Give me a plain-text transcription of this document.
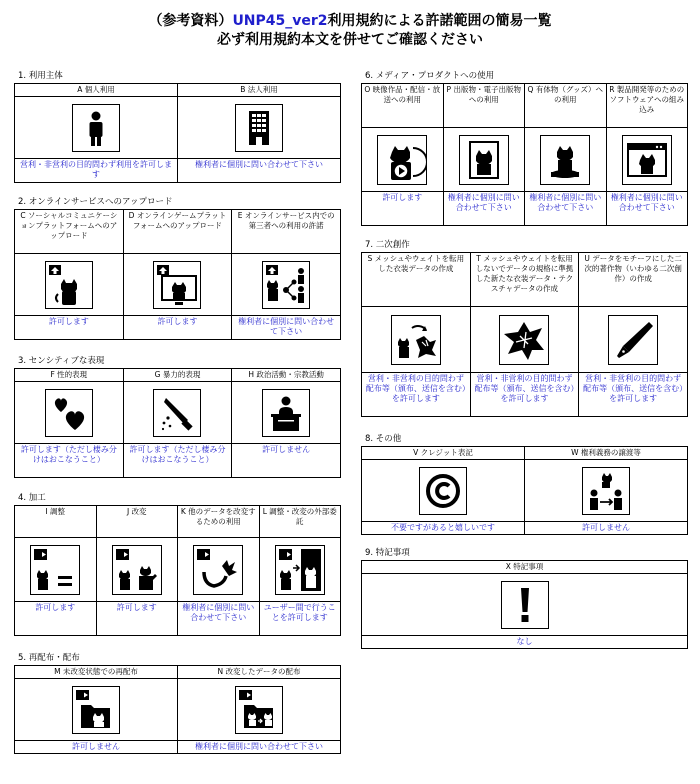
（参考資料）UNP45_ver2利用規約による許諾範囲の簡易一覧
必ず利用規約本文を併せてご確認ください
1. 利用主体
A 個人利用	B 法人利用

営利・非営利の目的問わず利用を許可します	権利者に個別に問い合わせて下さい
2. オンラインサービスへのアップロード
C ソーシャルコミュニケーションプラットフォームへのアップロード	D オンラインゲームプラットフォームへのアップロード	E オンラインサービス内での第三者への利用の許諾

許可します	許可します	権利者に個別に問い合わせて下さい
3. センシティブな表現
F 性的表現	G 暴力的表現	H 政治活動・宗教活動

許可します（ただし棲み分けはおこなうこと）	許可します（ただし棲み分けはおこなうこと）	許可しません
4. 加工
I 調整	J 改変	K 他のデータを改変するための利用	L 調整・改変の外部委託

許可します	許可します	権利者に個別に問い合わせて下さい	ユーザー間で行うことを許可します
5. 再配布・配布
M 未改変状態での再配布	N 改変したデータの配布

許可しません	権利者に個別に問い合わせて下さい
6. メディア・プロダクトへの使用
O 映像作品・配信・放送への利用	P 出版物・電子出版物への利用	Q 有体物（グッズ）への利用	R 製品開発等のためのソフトウェアへの組み込み

許可します	権利者に個別に問い合わせて下さい	権利者に個別に問い合わせて下さい	権利者に個別に問い合わせて下さい
7. 二次創作
S メッシュやウェイトを転用した衣装データの作成	T メッシュやウェイトを転用しないでデータの規格に準拠した新たな衣装データ・テクスチャデータの作成	U データをモチーフにした二次的著作物（いわゆる二次創作）の作成

営利・非営利の目的問わず配布等（頒布、送信を含む）を許可します	営利・非営利の目的問わず配布等（頒布、送信を含む）を許可します	営利・非営利の目的問わず配布等（頒布、送信を含む）を許可します
8. その他
V クレジット表記	W 権利義務の譲渡等

不要ですがあると嬉しいです	許可しません
9. 特記事項
X 特記事項

なし
